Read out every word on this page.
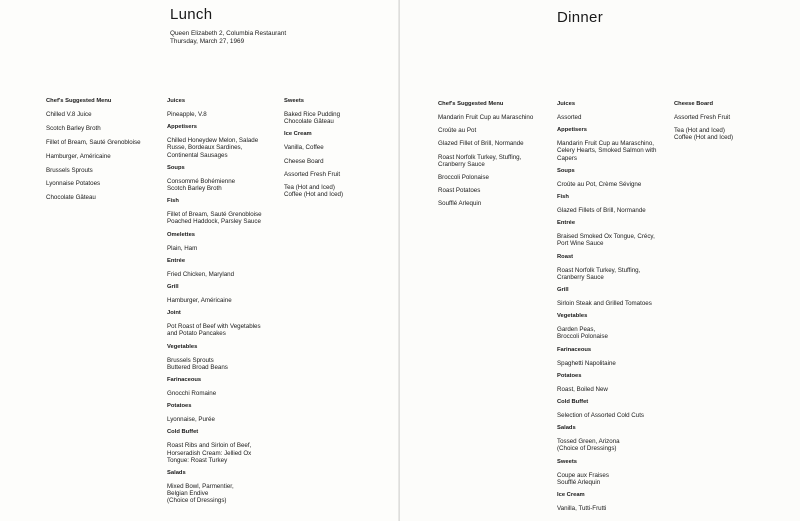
Lunch
Queen Elizabeth 2, Columbia Restaurant
Thursday, March 27, 1969
Chef's Suggested Menu
Chilled V.8 Juice
Scotch Barley Broth
Fillet of Bream, Sauté Grenobloise
Hamburger, Américaine
Brussels Sprouts
Lyonnaise Potatoes
Chocolate Gâteau
Juices
Pineapple, V.8
Appetisers
Chilled Honeydew Melon, Salade
Russe, Bordeaux Sardines,
Continental Sausages
Soups
Consommé Bohémienne
Scotch Barley Broth
Fish
Fillet of Bream, Sauté Grenobloise
Poached Haddock, Parsley Sauce
Omelettes
Plain, Ham
Entrée
Fried Chicken, Maryland
Grill
Hamburger, Américaine
Joint
Pot Roast of Beef with Vegetables
and Potato Pancakes
Vegetables
Brussels Sprouts
Buttered Broad Beans
Farinaceous
Gnocchi Romaine
Potatoes
Lyonnaise, Purée
Cold Buffet
Roast Ribs and Sirloin of Beef,
Horseradish Cream: Jellied Ox
Tongue: Roast Turkey
Salads
Mixed Bowl, Parmentier,
Belgian Endive
(Choice of Dressings)
Sweets
Baked Rice Pudding
Chocolate Gâteau
Ice Cream
Vanilla, Coffee
Cheese Board
Assorted Fresh Fruit
Tea (Hot and Iced)
Coffee (Hot and Iced)
Dinner
Chef's Suggested Menu
Mandarin Fruit Cup au Maraschino
Croûte au Pot
Glazed Fillet of Brill, Normande
Roast Norfolk Turkey, Stuffing,
Cranberry Sauce
Broccoli Polonaise
Roast Potatoes
Soufflé Arlequin
Juices
Assorted
Appetisers
Mandarin Fruit Cup au Maraschino,
Celery Hearts, Smoked Salmon with
Capers
Soups
Croûte au Pot, Crème Sévigne
Fish
Glazed Fillets of Brill, Normande
Entrée
Braised Smoked Ox Tongue, Crécy,
Port Wine Sauce
Roast
Roast Norfolk Turkey, Stuffing,
Cranberry Sauce
Grill
Sirloin Steak and Grilled Tomatoes
Vegetables
Garden Peas,
Broccoli Polonaise
Farinaceous
Spaghetti Napolitaine
Potatoes
Roast, Boiled New
Cold Buffet
Selection of Assorted Cold Cuts
Salads
Tossed Green, Arizona
(Choice of Dressings)
Sweets
Coupe aux Fraises
Soufflé Arlequin
Ice Cream
Vanilla, Tutti-Frutti
Cheese Board
Assorted Fresh Fruit
Tea (Hot and Iced)
Coffee (Hot and Iced)
